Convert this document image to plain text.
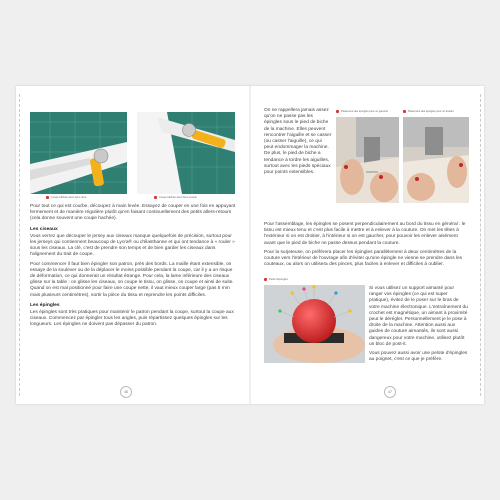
Coupe hâchée avec lame dure	Coupe hâchée avec lame souple

Pour tout ce qui est courbe, découpez à main levée. Essayez de couper en une fois en appuyant fermement et de manière régulière plutôt qu'en faisant continuellement des petits allers-retours (cela donne souvent une coupe hachée).

Les ciseaux

Vous verrez que découper le jersey aux ciseaux manque quelquefois de précision, surtout pour les jerseys qui contiennent beaucoup de Lycra® ou d'élasthanne et qui ont tendance à « rouler » sous les ciseaux. La clé, c'est de prendre son temps et de bien garder les ciseaux dans l'alignement du trait de coupe.

Pour commencer il faut bien épingler son patron, près des bords. La maille étant extensible, on essaye de la soulever ou de la déplacer le moins possible pendant la coupe, car il y a un risque de déformation, ce qui donnerait un résultat étrange. Pour cela, la lame inférieure des ciseaux glisse sur la table : on glisse les ciseaux, on coupe le tissu, on glisse, on coupe et ainsi de suite. Quand on est mal positionné pour faire une coupe nette, il vaut mieux couper large (pas 5 mm mais plusieurs centimètres), sortir la pièce du tissu et reprendre les points difficiles.

Les épingles

Les épingles sont très pratiques pour maintenir le patron pendant la coupe, surtout la coupe aux ciseaux. Commencez par épingler tous les angles, puis répartissez quelques épingles sur les longueurs. Les épingles ne doivent pas dépasser du patron.

46
On ne rappellera jamais assez qu'on ne passe pas les épingles sous le pied de biche de la machine. Elles peuvent rencontrer l'aiguille et se casser (ou casser l'aiguille), ce qui peut endommager la machine. De plus, le pied de biche a tendance à tordre les aiguilles, surtout avec les pieds spéciaux pour points extensibles.
Placement des épingles pour un gaucher	Placement des épingles pour un droitier

Pour l'assemblage, les épingles se posent perpendiculairement au bord du tissu en général : le tissu est mieux tenu et c'est plus facile à mettre et à enlever à la couture. On met les têtes à l'extérieur si on est droitier, à l'intérieur si on est gaucher, pour pouvoir les enlever aisément avant que le pied de biche ne passe dessus pendant la couture.

Pour la surjeteuse, on préfèrera placer les épingles parallèlement à deux centimètres de la couture vers l'intérieur de l'ouvrage afin d'éviter qu'une épingle ne vienne se prendre dans les couteaux, ou alors on utilisera des pinces, plus faciles à enlever et difficiles à oublier.

Petits d'épingles

Si vous utilisez un support aimanté pour ranger vos épingles (ce qui est super pratique), évitez de le poser sur le bras de votre machine électronique. L'entraînement du crochet est magnétique, un aimant à proximité peut le dérégler. Personnellement je le pose à droite de la machine. Attention aussi aux guides de couture aimantés, ils sont aussi dangereux pour votre machine, utilisez plutôt un bloc de post-it.

Vous pouvez aussi avoir une pelote d'épingles au poignet, c'est ce que je préfère.

47
